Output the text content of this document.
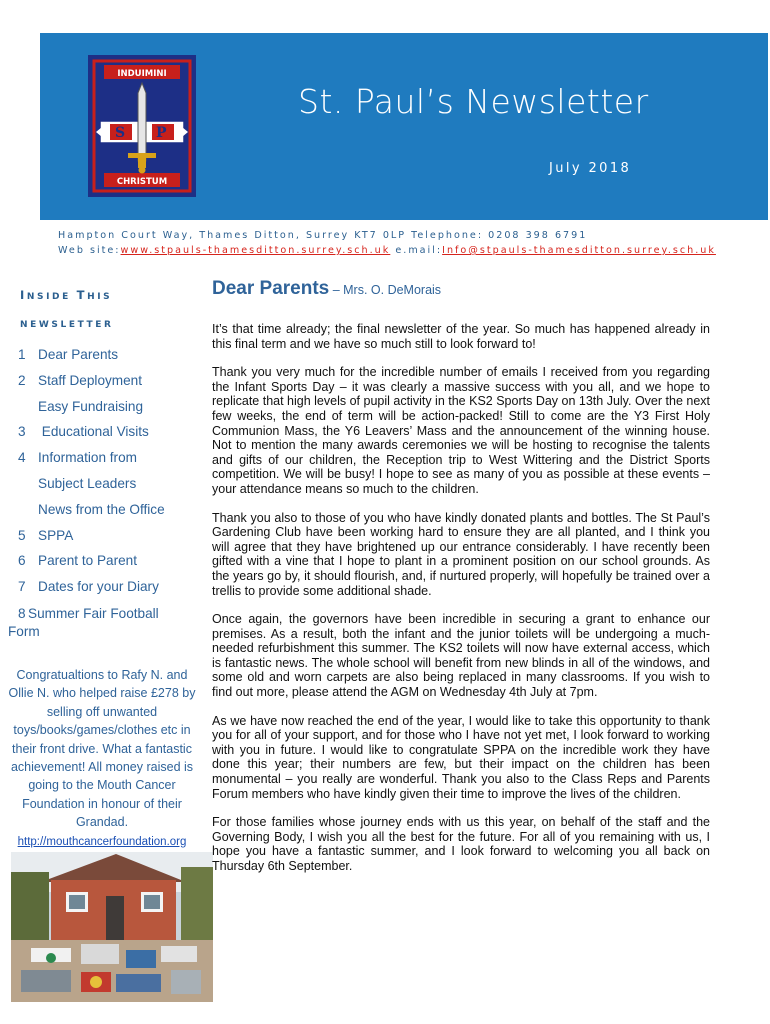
INDUIMINI
CHRISTUM
S P
St. Paul’s Newsletter
July 2018
Hampton Court Way, Thames Ditton, Surrey KT7 0LP Telephone: 0208 398 6791
Web site:www.stpauls-thamesditton.surrey.sch.uk e.mail:Info@stpauls-thamesditton.surrey.sch.uk
INSIDE THIS
NEWSLETTER
1 Dear Parents
2 Staff Deployment
Easy Fundraising
3 Educational Visits
4 Information from
Subject Leaders
News from the Office
5 SPPA
6 Parent to Parent
7 Dates for your Diary
8 Summer Fair Football Form
Congratualtions to Rafy N. and Ollie N. who helped raise £278 by selling off unwanted toys/books/games/clothes etc in their front drive. What a fantastic achievement! All money raised is going to the Mouth Cancer Foundation in honour of their Grandad.
http://mouthcancerfoundation.org
Dear Parents – Mrs. O. DeMorais

It’s that time already; the final newsletter of the year. So much has happened already in this final term and we have so much still to look forward to!

Thank you very much for the incredible number of emails I received from you regarding the Infant Sports Day – it was clearly a massive success with you all, and we hope to replicate that high levels of pupil activity in the KS2 Sports Day on 13th July. Over the next few weeks, the end of term will be action-packed! Still to come are the Y3 First Holy Communion Mass, the Y6 Leavers’ Mass and the announcement of the winning house. Not to mention the many awards ceremonies we will be hosting to recognise the talents and gifts of our children, the Reception trip to West Wittering and the District Sports competition. We will be busy! I hope to see as many of you as possible at these events – your attendance means so much to the children.

Thank you also to those of you who have kindly donated plants and bottles. The St Paul’s Gardening Club have been working hard to ensure they are all planted, and I think you will agree that they have brightened up our entrance considerably. I have recently been gifted with a vine that I hope to plant in a prominent position on our school grounds. As the years go by, it should flourish, and, if nurtured properly, will hopefully be trained over a trellis to provide some additional shade.

Once again, the governors have been incredible in securing a grant to enhance our premises. As a result, both the infant and the junior toilets will be undergoing a much-needed refurbishment this summer. The KS2 toilets will now have external access, which is fantastic news. The whole school will benefit from new blinds in all of the windows, and some old and worn carpets are also being replaced in many classrooms. If you wish to find out more, please attend the AGM on Wednesday 4th July at 7pm.

As we have now reached the end of the year, I would like to take this opportunity to thank you for all of your support, and for those who I have not yet met, I look forward to working with you in future. I would like to congratulate SPPA on the incredible work they have done this year; their numbers are few, but their impact on the children has been monumental – you really are wonderful. Thank you also to the Class Reps and Parents Forum members who have kindly given their time to improve the lives of the children.

For those families whose journey ends with us this year, on behalf of the staff and the Governing Body, I wish you all the best for the future. For all of you remaining with us, I hope you have a fantastic summer, and I look forward to welcoming you all back on Thursday 6th September.
